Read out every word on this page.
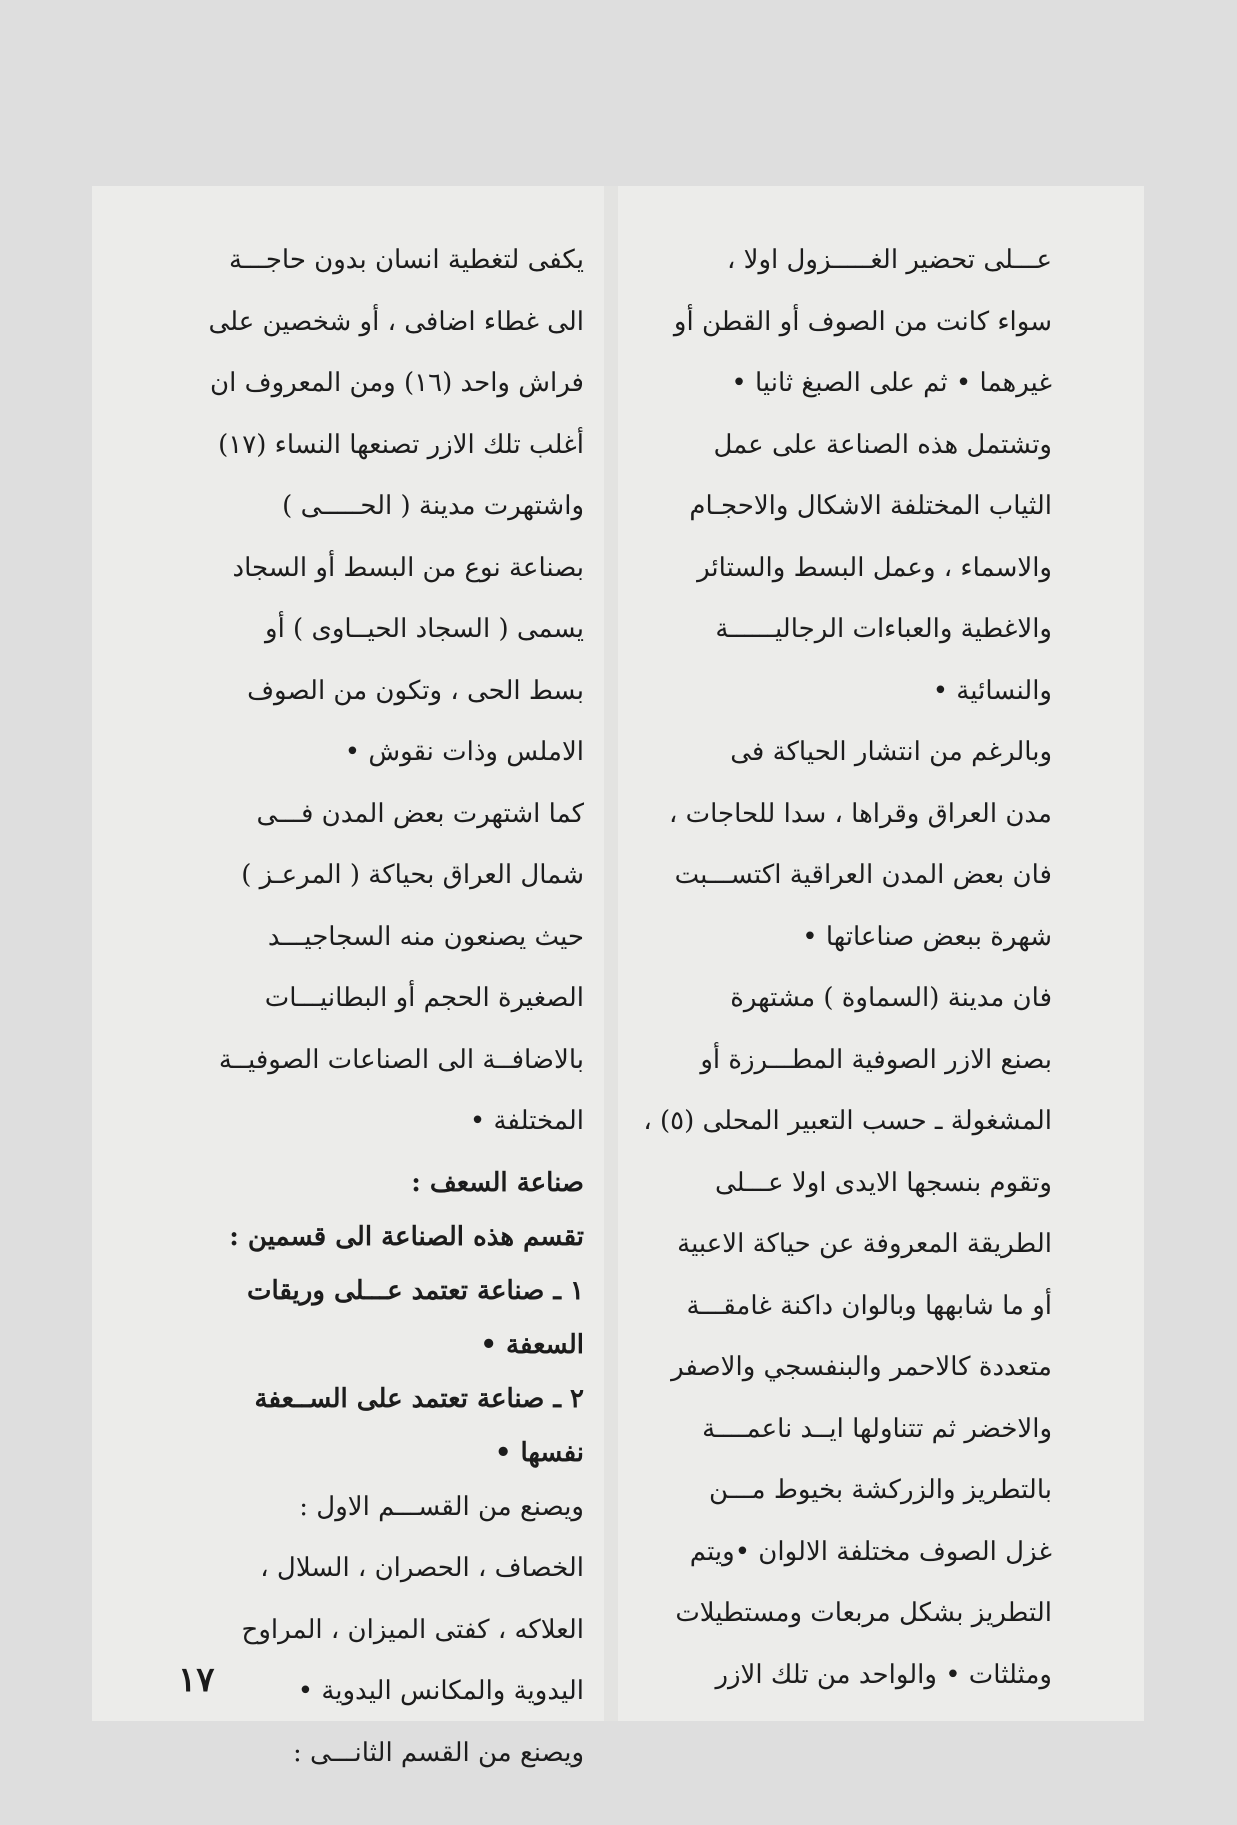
عـــلى تحضير الغـــــزول اولا ،
سواء كانت من الصوف أو القطن أو
غيرهما • ثم على الصبغ ثانيا •
وتشتمل هذه الصناعة على عمل
الثياب المختلفة الاشكال والاحجـام
والاسماء ، وعمل البسط والستائر
والاغطية والعباءات الرجاليــــــة
والنسائية •
وبالرغم من انتشار الحياكة فى
مدن العراق وقراها ، سدا للحاجات ،
فان بعض المدن العراقية اكتســـبت
شهرة ببعض صناعاتها •
فان مدينة (السماوة ) مشتهرة
بصنع الازر الصوفية المطـــرزة أو
المشغولة ـ حسب التعبير المحلى (٥) ،
وتقوم بنسجها الايدى اولا عـــلى
الطريقة المعروفة عن حياكة الاعبية
أو ما شابهها وبالوان داكنة غامقـــة
متعددة كالاحمر والبنفسجي والاصفر
والاخضر ثم تتناولها ايــد ناعمــــة
بالتطريز والزركشة بخيوط مـــن
غزل الصوف مختلفة الالوان •ويتم
التطريز بشكل مربعات ومستطيلات
ومثلثات • والواحد من تلك الازر
يكفى لتغطية انسان بدون حاجـــة
الى غطاء اضافى ، أو شخصين على
فراش واحد (١٦) ومن المعروف ان
أغلب تلك الازر تصنعها النساء (١٧)
واشتهرت مدينة ( الحـــــى )
بصناعة نوع من البسط أو السجاد
يسمى ( السجاد الحيــاوى ) أو
بسط الحى ، وتكون من الصوف
الاملس وذات نقوش •
كما اشتهرت بعض المدن فـــى
شمال العراق بحياكة ( المرعـز )
حيث يصنعون منه السجاجيـــد
الصغيرة الحجم أو البطانيـــات
بالاضافــة الى الصناعات الصوفيــة
المختلفة •
صناعة السعف :
تقسم هذه الصناعة الى قسمين :
١ ـ صناعة تعتمد عـــلى وريقات
السعفة •
٢ ـ صناعة تعتمد على الســعفة
نفسها •
ويصنع من القســـم الاول :
الخصاف ، الحصران ، السلال ،
العلاكه ، كفتى الميزان ، المراوح
اليدوية والمكانس اليدوية •
ويصنع من القسم الثانـــى :
١٧
